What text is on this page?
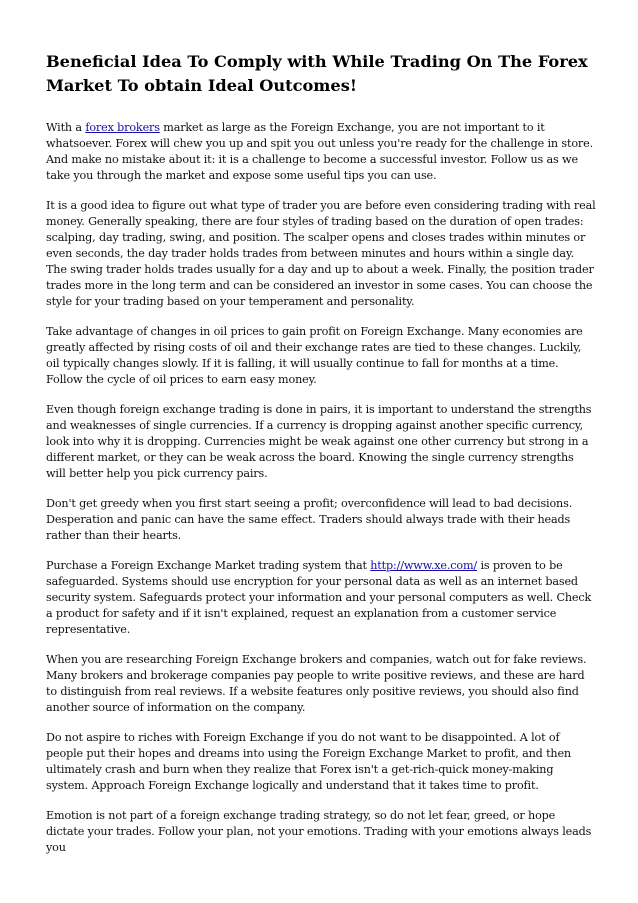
Beneficial Idea To Comply with While Trading On The Forex Market To obtain Ideal Outcomes!

With a forex brokers market as large as the Foreign Exchange, you are not important to it whatsoever. Forex will chew you up and spit you out unless you're ready for the challenge in store. And make no mistake about it: it is a challenge to become a successful investor. Follow us as we take you through the market and expose some useful tips you can use.

It is a good idea to figure out what type of trader you are before even considering trading with real money. Generally speaking, there are four styles of trading based on the duration of open trades: scalping, day trading, swing, and position. The scalper opens and closes trades within minutes or even seconds, the day trader holds trades from between minutes and hours within a single day. The swing trader holds trades usually for a day and up to about a week. Finally, the position trader trades more in the long term and can be considered an investor in some cases. You can choose the style for your trading based on your temperament and personality.

Take advantage of changes in oil prices to gain profit on Foreign Exchange. Many economies are greatly affected by rising costs of oil and their exchange rates are tied to these changes. Luckily, oil typically changes slowly. If it is falling, it will usually continue to fall for months at a time. Follow the cycle of oil prices to earn easy money.

Even though foreign exchange trading is done in pairs, it is important to understand the strengths and weaknesses of single currencies. If a currency is dropping against another specific currency, look into why it is dropping. Currencies might be weak against one other currency but strong in a different market, or they can be weak across the board. Knowing the single currency strengths will better help you pick currency pairs.

Don't get greedy when you first start seeing a profit; overconfidence will lead to bad decisions. Desperation and panic can have the same effect. Traders should always trade with their heads rather than their hearts.

Purchase a Foreign Exchange Market trading system that http://www.xe.com/ is proven to be safeguarded. Systems should use encryption for your personal data as well as an internet based security system. Safeguards protect your information and your personal computers as well. Check a product for safety and if it isn't explained, request an explanation from a customer service representative.

When you are researching Foreign Exchange brokers and companies, watch out for fake reviews. Many brokers and brokerage companies pay people to write positive reviews, and these are hard to distinguish from real reviews. If a website features only positive reviews, you should also find another source of information on the company.

Do not aspire to riches with Foreign Exchange if you do not want to be disappointed. A lot of people put their hopes and dreams into using the Foreign Exchange Market to profit, and then ultimately crash and burn when they realize that Forex isn't a get-rich-quick money-making system. Approach Foreign Exchange logically and understand that it takes time to profit.

Emotion is not part of a foreign exchange trading strategy, so do not let fear, greed, or hope dictate your trades. Follow your plan, not your emotions. Trading with your emotions always leads you
